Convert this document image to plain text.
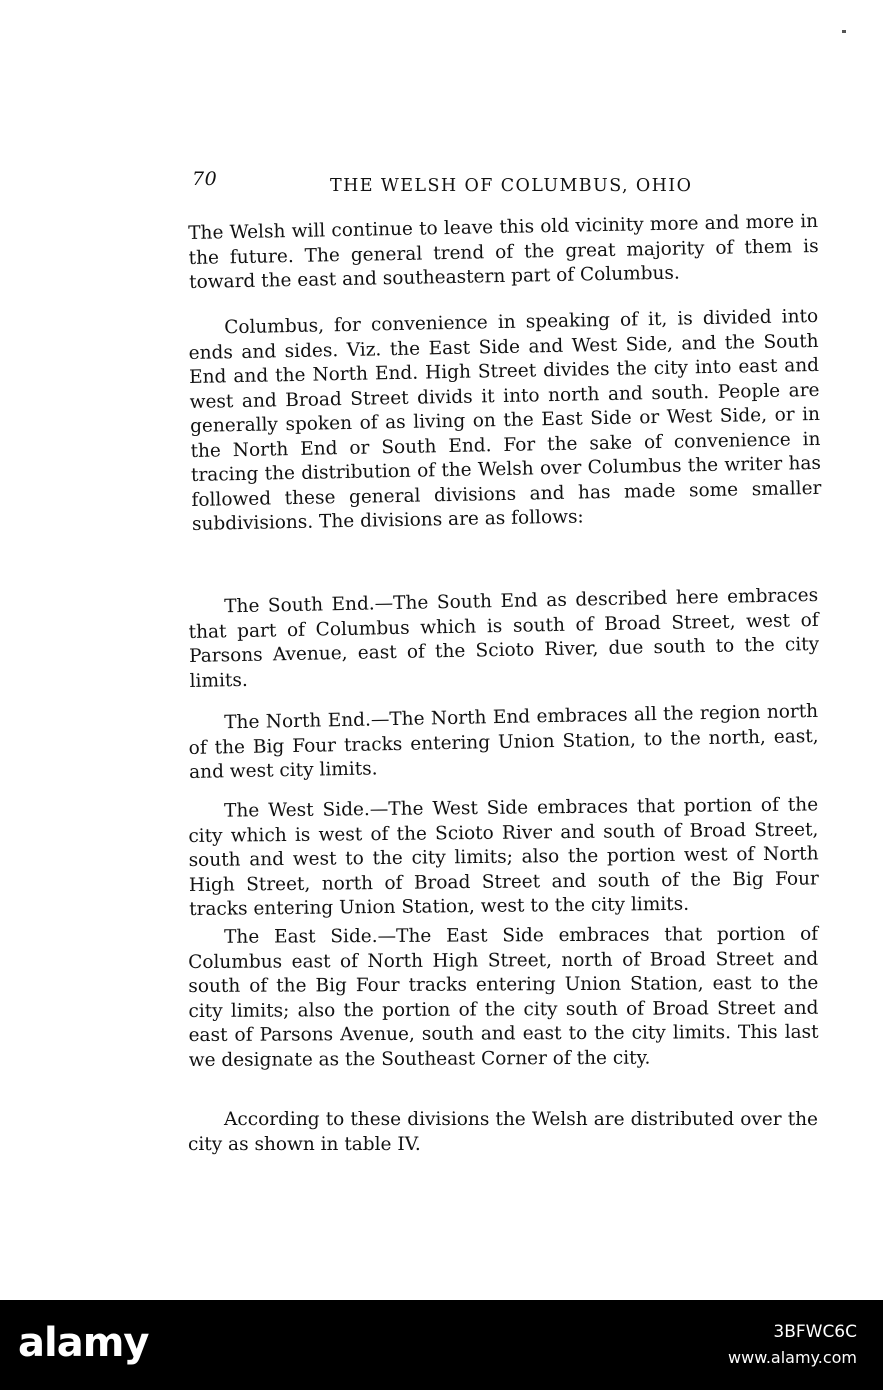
70	THE WELSH OF COLUMBUS, OHIO

The Welsh will continue to leave this old vicinity more and more in the future. The general trend of the great majority of them is toward the east and southeastern part of Columbus.

Columbus, for convenience in speaking of it, is divided into ends and sides. Viz. the East Side and West Side, and the South End and the North End. High Street divides the city into east and west and Broad Street divids it into north and south. People are generally spoken of as living on the East Side or West Side, or in the North End or South End. For the sake of convenience in tracing the distribution of the Welsh over Columbus the writer has followed these general divisions and has made some smaller subdivisions. The divisions are as follows:

The South End.—The South End as described here embraces that part of Columbus which is south of Broad Street, west of Parsons Avenue, east of the Scioto River, due south to the city limits.

The North End.—The North End embraces all the region north of the Big Four tracks entering Union Station, to the north, east, and west city limits.

The West Side.—The West Side embraces that portion of the city which is west of the Scioto River and south of Broad Street, south and west to the city limits; also the portion west of North High Street, north of Broad Street and south of the Big Four tracks entering Union Station, west to the city limits.

The East Side.—The East Side embraces that portion of Columbus east of North High Street, north of Broad Street and south of the Big Four tracks entering Union Station, east to the city limits; also the portion of the city south of Broad Street and east of Parsons Avenue, south and east to the city limits. This last we designate as the Southeast Corner of the city.

According to these divisions the Welsh are distributed over the city as shown in table IV.

alamy	3BFWC6C
www.alamy.com
